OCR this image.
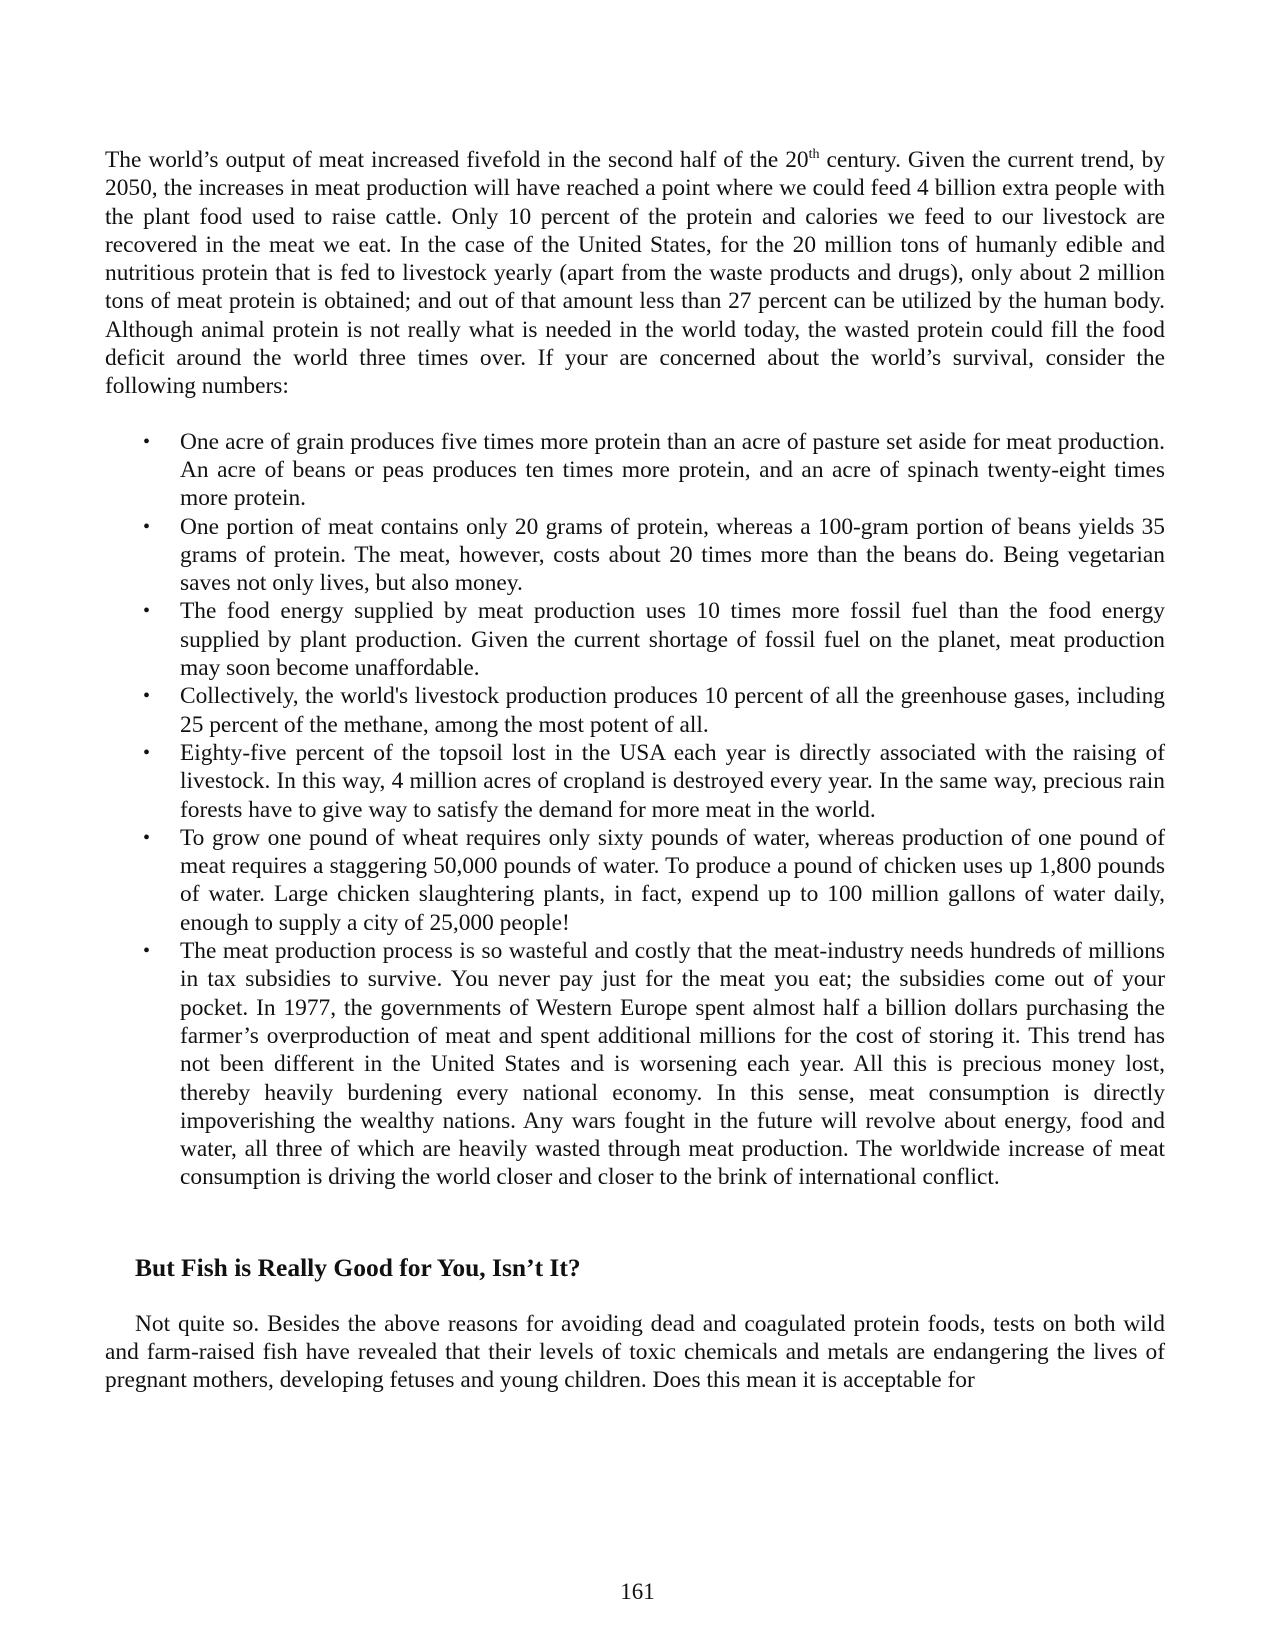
The world’s output of meat increased fivefold in the second half of the 20th century. Given the current trend, by 2050, the increases in meat production will have reached a point where we could feed 4 billion extra people with the plant food used to raise cattle. Only 10 percent of the protein and calories we feed to our livestock are recovered in the meat we eat. In the case of the United States, for the 20 million tons of humanly edible and nutritious protein that is fed to livestock yearly (apart from the waste products and drugs), only about 2 million tons of meat protein is obtained; and out of that amount less than 27 percent can be utilized by the human body. Although animal protein is not really what is needed in the world today, the wasted protein could fill the food deficit around the world three times over. If your are concerned about the world’s survival, consider the following numbers:

• One acre of grain produces five times more protein than an acre of pasture set aside for meat production. An acre of beans or peas produces ten times more protein, and an acre of spinach twenty-eight times more protein.
• One portion of meat contains only 20 grams of protein, whereas a 100-gram portion of beans yields 35 grams of protein. The meat, however, costs about 20 times more than the beans do. Being vegetarian saves not only lives, but also money.
• The food energy supplied by meat production uses 10 times more fossil fuel than the food energy supplied by plant production. Given the current shortage of fossil fuel on the planet, meat production may soon become unaffordable.
• Collectively, the world's livestock production produces 10 percent of all the greenhouse gases, including 25 percent of the methane, among the most potent of all.
• Eighty-five percent of the topsoil lost in the USA each year is directly associated with the raising of livestock. In this way, 4 million acres of cropland is destroyed every year. In the same way, precious rain forests have to give way to satisfy the demand for more meat in the world.
• To grow one pound of wheat requires only sixty pounds of water, whereas production of one pound of meat requires a staggering 50,000 pounds of water. To produce a pound of chicken uses up 1,800 pounds of water. Large chicken slaughtering plants, in fact, expend up to 100 million gallons of water daily, enough to supply a city of 25,000 people!
• The meat production process is so wasteful and costly that the meat-industry needs hundreds of millions in tax subsidies to survive. You never pay just for the meat you eat; the subsidies come out of your pocket. In 1977, the governments of Western Europe spent almost half a billion dollars purchasing the farmer’s overproduction of meat and spent additional millions for the cost of storing it. This trend has not been different in the United States and is worsening each year. All this is precious money lost, thereby heavily burdening every national economy. In this sense, meat consumption is directly impoverishing the wealthy nations. Any wars fought in the future will revolve about energy, food and water, all three of which are heavily wasted through meat production. The worldwide increase of meat consumption is driving the world closer and closer to the brink of international conflict.
But Fish is Really Good for You, Isn’t It?

Not quite so. Besides the above reasons for avoiding dead and coagulated protein foods, tests on both wild and farm-raised fish have revealed that their levels of toxic chemicals and metals are endangering the lives of pregnant mothers, developing fetuses and young children. Does this mean it is acceptable for

161
